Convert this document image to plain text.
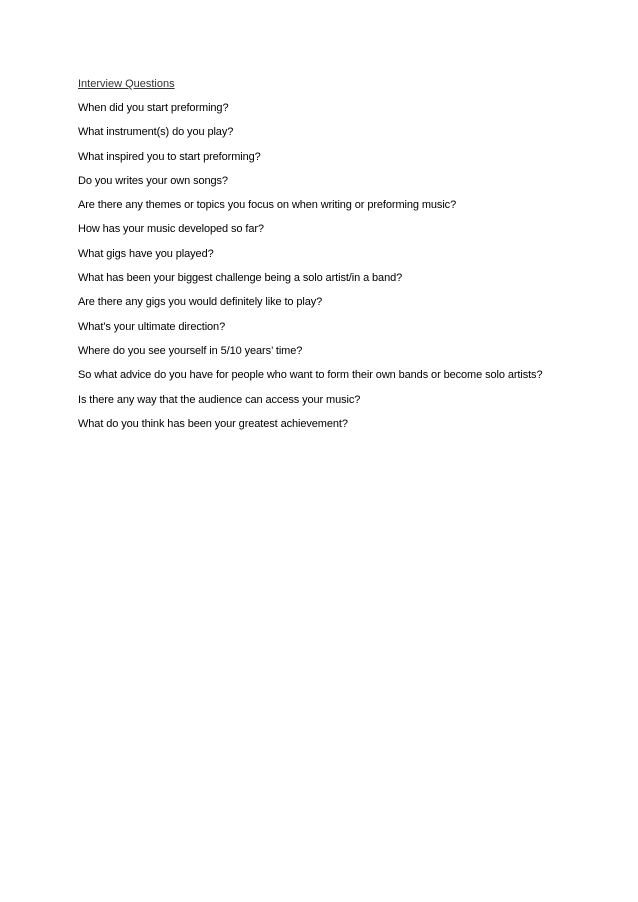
Interview Questions
When did you start preforming?
What instrument(s) do you play?
What inspired you to start preforming?
Do you writes your own songs?
Are there any themes or topics you focus on when writing or preforming music?
How has your music developed so far?
What gigs have you played?
What has been your biggest challenge being a solo artist/in a band?
Are there any gigs you would definitely like to play?
What’s your ultimate direction?
Where do you see yourself in 5/10 years’ time?
So what advice do you have for people who want to form their own bands or become solo artists?
Is there any way that the audience can access your music?
What do you think has been your greatest achievement?
